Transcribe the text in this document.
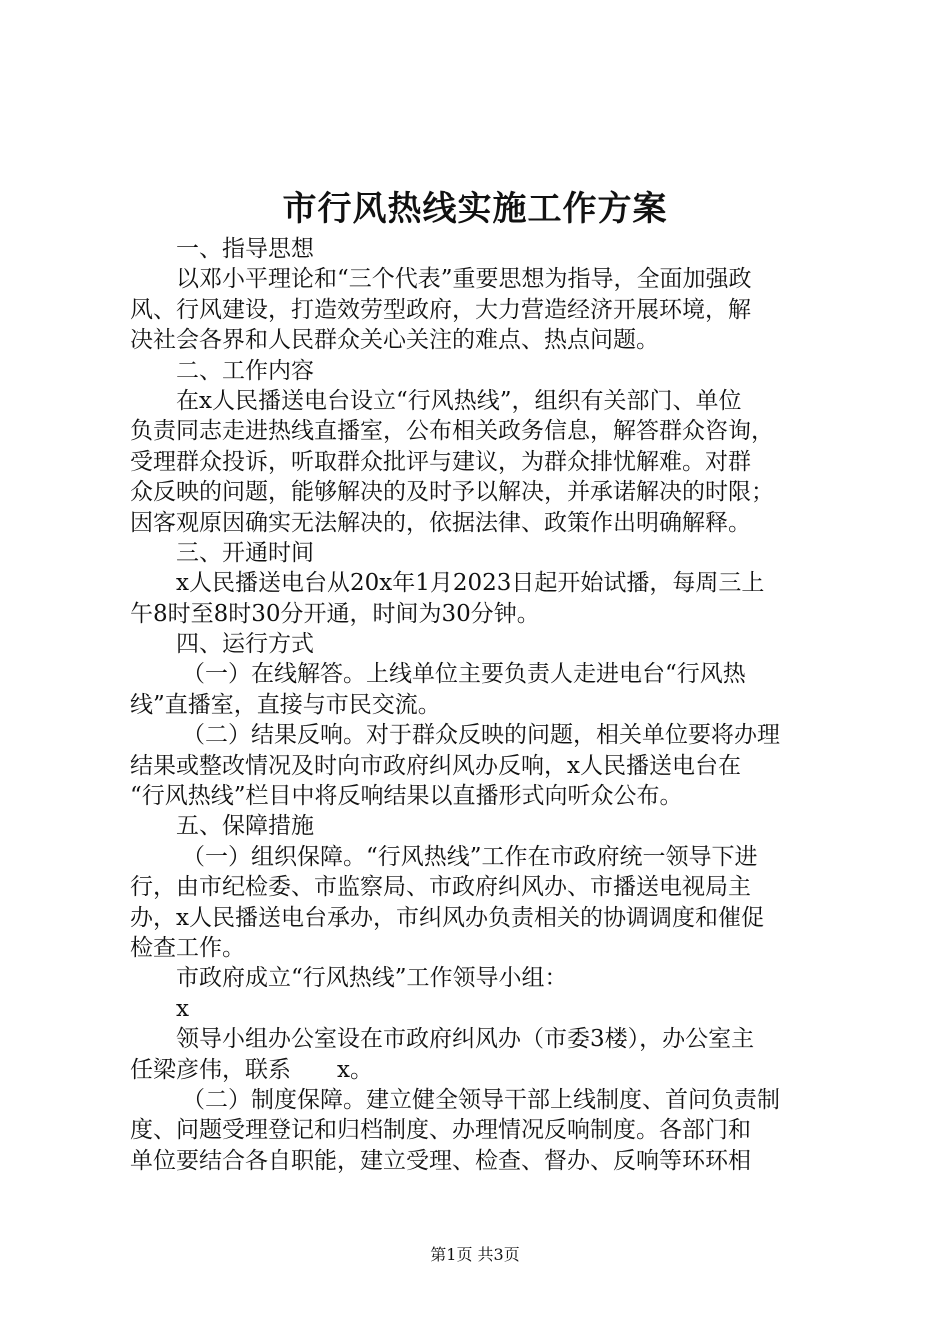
市行风热线实施工作方案
一、指导思想
以邓小平理论和“三个代表”重要思想为指导，全面加强政
风、行风建设，打造效劳型政府，大力营造经济开展环境，解
决社会各界和人民群众关心关注的难点、热点问题。
二、工作内容
在x人民播送电台设立“行风热线”，组织有关部门、单位
负责同志走进热线直播室，公布相关政务信息，解答群众咨询，
受理群众投诉，听取群众批评与建议，为群众排忧解难。对群
众反映的问题，能够解决的及时予以解决，并承诺解决的时限；
因客观原因确实无法解决的，依据法律、政策作出明确解释。
三、开通时间
x人民播送电台从20x年1月2023日起开始试播，每周三上
午8时至8时30分开通，时间为30分钟。
四、运行方式
（一）在线解答。上线单位主要负责人走进电台“行风热
线”直播室，直接与市民交流。
（二）结果反响。对于群众反映的问题，相关单位要将办理
结果或整改情况及时向市政府纠风办反响，x人民播送电台在
“行风热线”栏目中将反响结果以直播形式向听众公布。
五、保障措施
（一）组织保障。“行风热线”工作在市政府统一领导下进
行，由市纪检委、市监察局、市政府纠风办、市播送电视局主
办，x人民播送电台承办，市纠风办负责相关的协调调度和催促
检查工作。
市政府成立“行风热线”工作领导小组：
x
领导小组办公室设在市政府纠风办（市委3楼），办公室主
任梁彦伟，联系　　x。
（二）制度保障。建立健全领导干部上线制度、首问负责制
度、问题受理登记和归档制度、办理情况反响制度。各部门和
单位要结合各自职能，建立受理、检查、督办、反响等环环相
第1页 共3页
